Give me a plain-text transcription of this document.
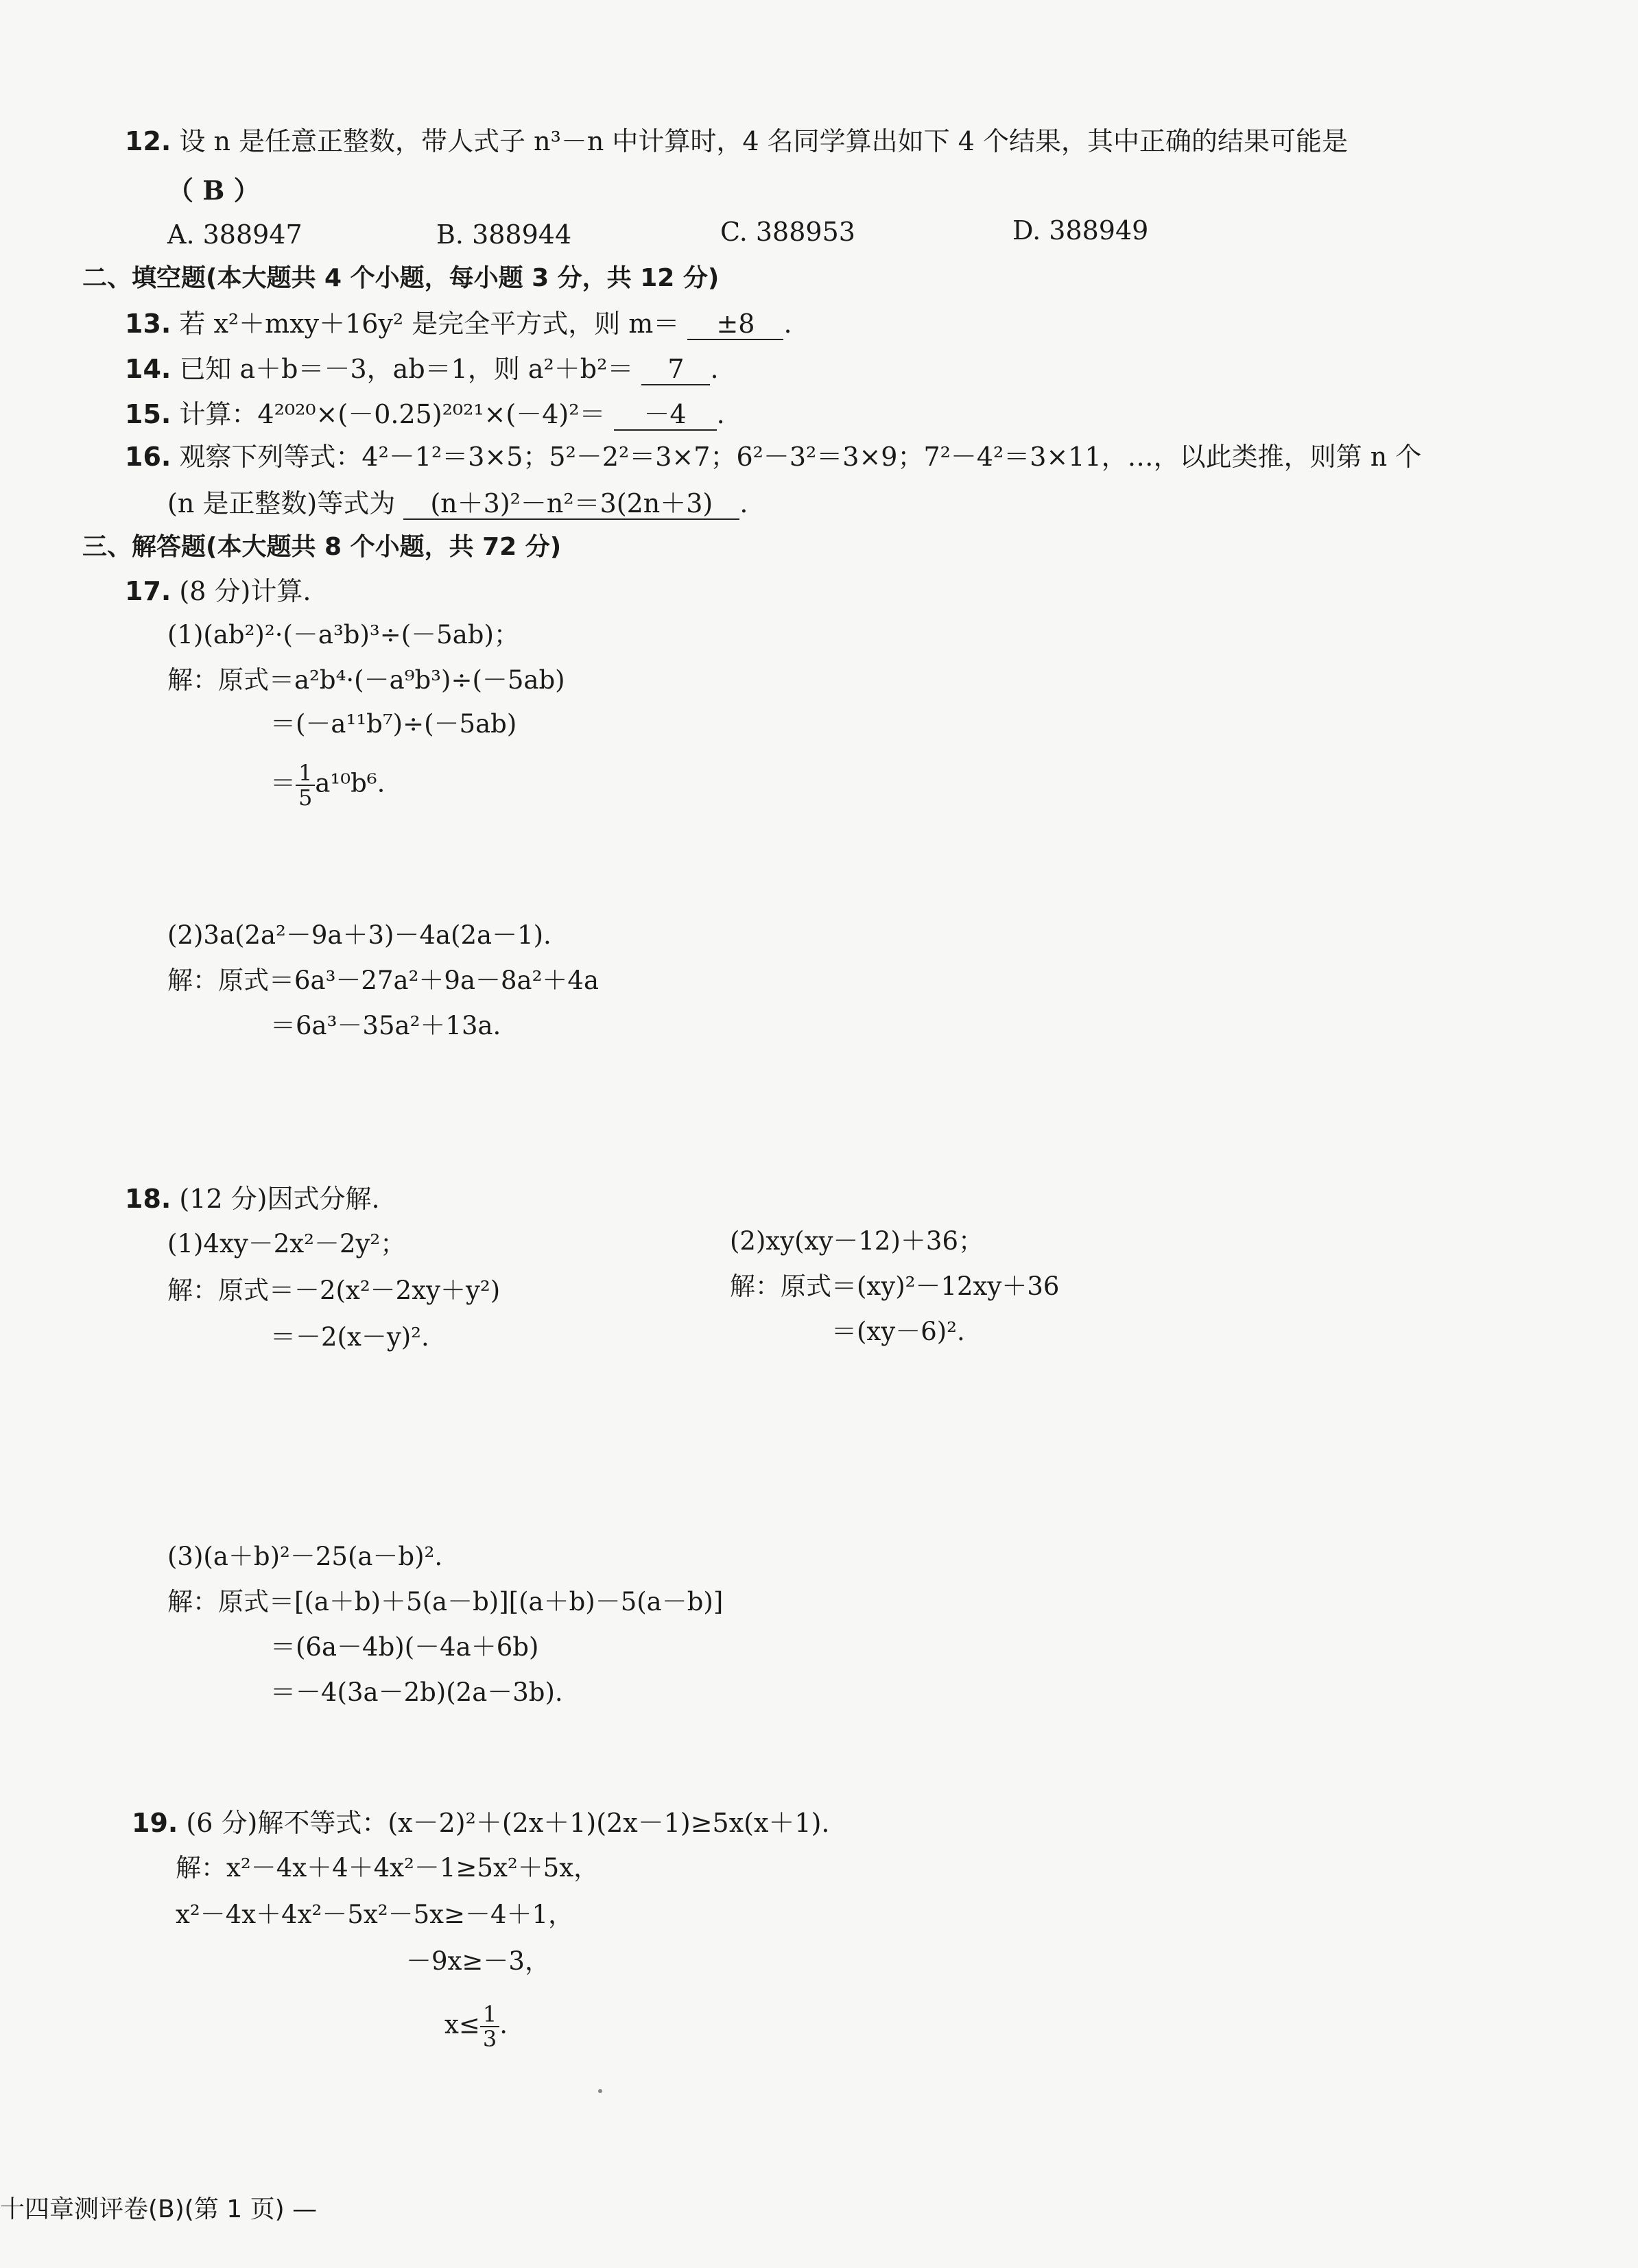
12. 设 n 是任意正整数，带人式子 n³－n 中计算时，4 名同学算出如下 4 个结果，其中正确的结果可能是
（ B ）
A. 388947	B. 388944	C. 388953	D. 388949
二、填空题(本大题共 4 个小题，每小题 3 分，共 12 分)
13. 若 x²＋mxy＋16y² 是完全平方式，则 m＝ ±8 .
14. 已知 a＋b＝－3，ab＝1，则 a²＋b²＝ 7 .
15. 计算：4²⁰²⁰×(－0.25)²⁰²¹×(－4)²＝ －4 .
16. 观察下列等式：4²－1²＝3×5；5²－2²＝3×7；6²－3²＝3×9；7²－4²＝3×11，…，以此类推，则第 n 个
(n 是正整数)等式为 (n＋3)²－n²＝3(2n＋3) .
三、解答题(本大题共 8 个小题，共 72 分)
17. (8 分)计算.
(1)(ab²)²·(－a³b)³÷(－5ab)；
解：原式＝a²b⁴·(－a⁹b³)÷(－5ab)
＝(－a¹¹b⁷)÷(－5ab)
＝ $\frac{1}{5} a^{10}b^6$.
(2)3a(2a²－9a＋3)－4a(2a－1).
解：原式＝6a³－27a²＋9a－8a²＋4a
＝6a³－35a²＋13a.
18. (12 分)因式分解.
(1)4xy－2x²－2y²；
解：原式＝－2(x²－2xy＋y²)
＝－2(x－y)².
(2)xy(xy－12)＋36；
解：原式＝(xy)²－12xy＋36
＝(xy－6)².
(3)(a＋b)²－25(a－b)².
解：原式＝[(a＋b)＋5(a－b)][(a＋b)－5(a－b)]
＝(6a－4b)(－4a＋6b)
＝－4(3a－2b)(2a－3b).
19. (6 分)解不等式：(x－2)²＋(2x＋1)(2x－1)≥5x(x＋1).
解：x²－4x＋4＋4x²－1≥5x²＋5x，
x²－4x＋4x²－5x²－5x≥－4＋1，
－9x≥－3，
$x\le \frac{1}{3}$ .
十四章测评卷(B)(第 1 页) —
